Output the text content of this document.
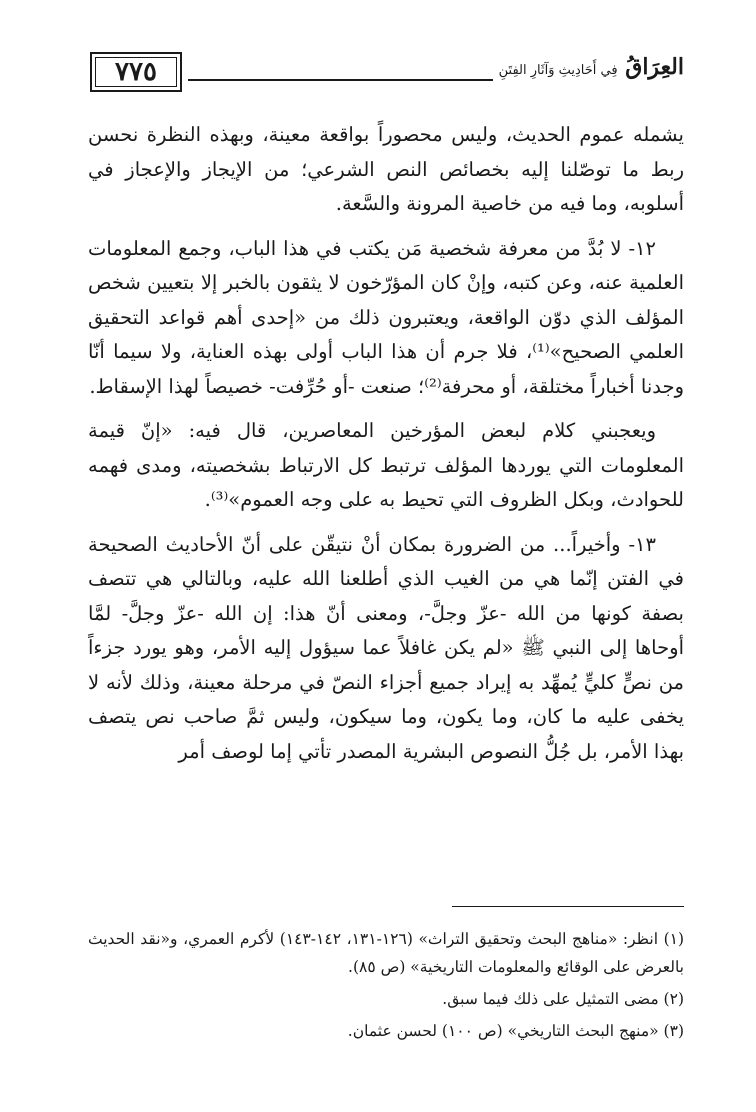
٧٧٥	العِرَاقُ فِي أَحَادِيثِ وَآثَارِ الفِتَنِ

يشمله عموم الحديث، وليس محصوراً بواقعة معينة، وبهذه النظرة نحسن ربط ما توصّلنا إليه بخصائص النص الشرعي؛ من الإيجاز والإعجاز في أسلوبه، وما فيه من خاصية المرونة والسَّعة.

١٢- لا بُدَّ من معرفة شخصية مَن يكتب في هذا الباب، وجمع المعلومات العلمية عنه، وعن كتبه، وإنْ كان المؤرّخون لا يثقون بالخبر إلا بتعيين شخص المؤلف الذي دوّن الواقعة، ويعتبرون ذلك من «إحدى أهم قواعد التحقيق العلمي الصحيح»⁽¹⁾، فلا جرم أن هذا الباب أولى بهذه العناية، ولا سيما أنّا وجدنا أخباراً مختلقة، أو محرفة⁽²⁾؛ صنعت -أو حُرِّفت- خصيصاً لهذا الإسقاط.

ويعجبني كلام لبعض المؤرخين المعاصرين، قال فيه: «إنّ قيمة المعلومات التي يوردها المؤلف ترتبط كل الارتباط بشخصيته، ومدى فهمه للحوادث، وبكل الظروف التي تحيط به على وجه العموم»⁽³⁾.

١٣- وأخيراً... من الضرورة بمكان أنْ نتيقّن على أنّ الأحاديث الصحيحة في الفتن إنّما هي من الغيب الذي أطلعنا الله عليه، وبالتالي هي تتصف بصفة كونها من الله -عزّ وجلَّ-، ومعنى أنّ هذا: إن الله -عزّ وجلَّ- لمَّا أوحاها إلى النبي ﷺ «لم يكن غافلاً عما سيؤول إليه الأمر، وهو يورد جزءاً من نصٍّ كليٍّ يُمهِّد به إيراد جميع أجزاء النصّ في مرحلة معينة، وذلك لأنه لا يخفى عليه ما كان، وما يكون، وما سيكون، وليس ثمَّ صاحب نص يتصف بهذا الأمر، بل جُلُّ النصوص البشرية المصدر تأتي إما لوصف أمر

(١) انظر: «مناهج البحث وتحقيق التراث» (١٢٦-١٣١، ١٤٢-١٤٣) لأكرم العمري، و«نقد الحديث بالعرض على الوقائع والمعلومات التاريخية» (ص ٨٥).

(٢) مضى التمثيل على ذلك فيما سبق.

(٣) «منهج البحث التاريخي» (ص ١٠٠) لحسن عثمان.
